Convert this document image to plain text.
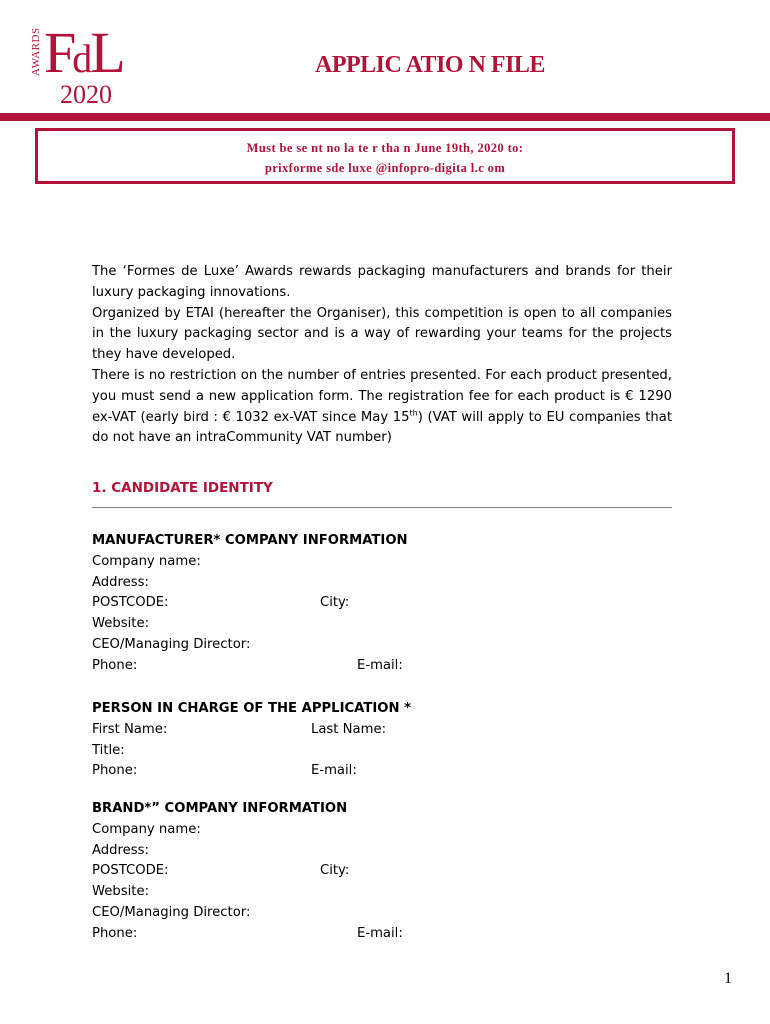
AWARDS FdL
2020
APPLIC ATIO N FILE
Must be se nt no la te r tha n June 19th, 2020 to:
prixforme sde luxe @infopro-digita l.c om

The ‘Formes de Luxe’ Awards rewards packaging manufacturers and brands for their luxury packaging innovations.

Organized by ETAI (hereafter the Organiser), this competition is open to all companies in the luxury packaging sector and is a way of rewarding your teams for the projects they have developed.

There is no restriction on the number of entries presented. For each product presented, you must send a new application form. The registration fee for each product is € 1290 ex-VAT (early bird : € 1032 ex-VAT since May 15th) (VAT will apply to EU companies that do not have an intraCommunity VAT number)

1. CANDIDATE IDENTITY
MANUFACTURER* COMPANY INFORMATION
Company name:
Address:
POSTCODE:	City:
Website:
CEO/Managing Director:
Phone:	E-mail:
PERSON IN CHARGE OF THE APPLICATION *
First Name:	Last Name:
Title:
Phone:	E-mail:
BRAND*” COMPANY INFORMATION
Company name:
Address:
POSTCODE:	City:
Website:
CEO/Managing Director:
Phone:	E-mail:
1
